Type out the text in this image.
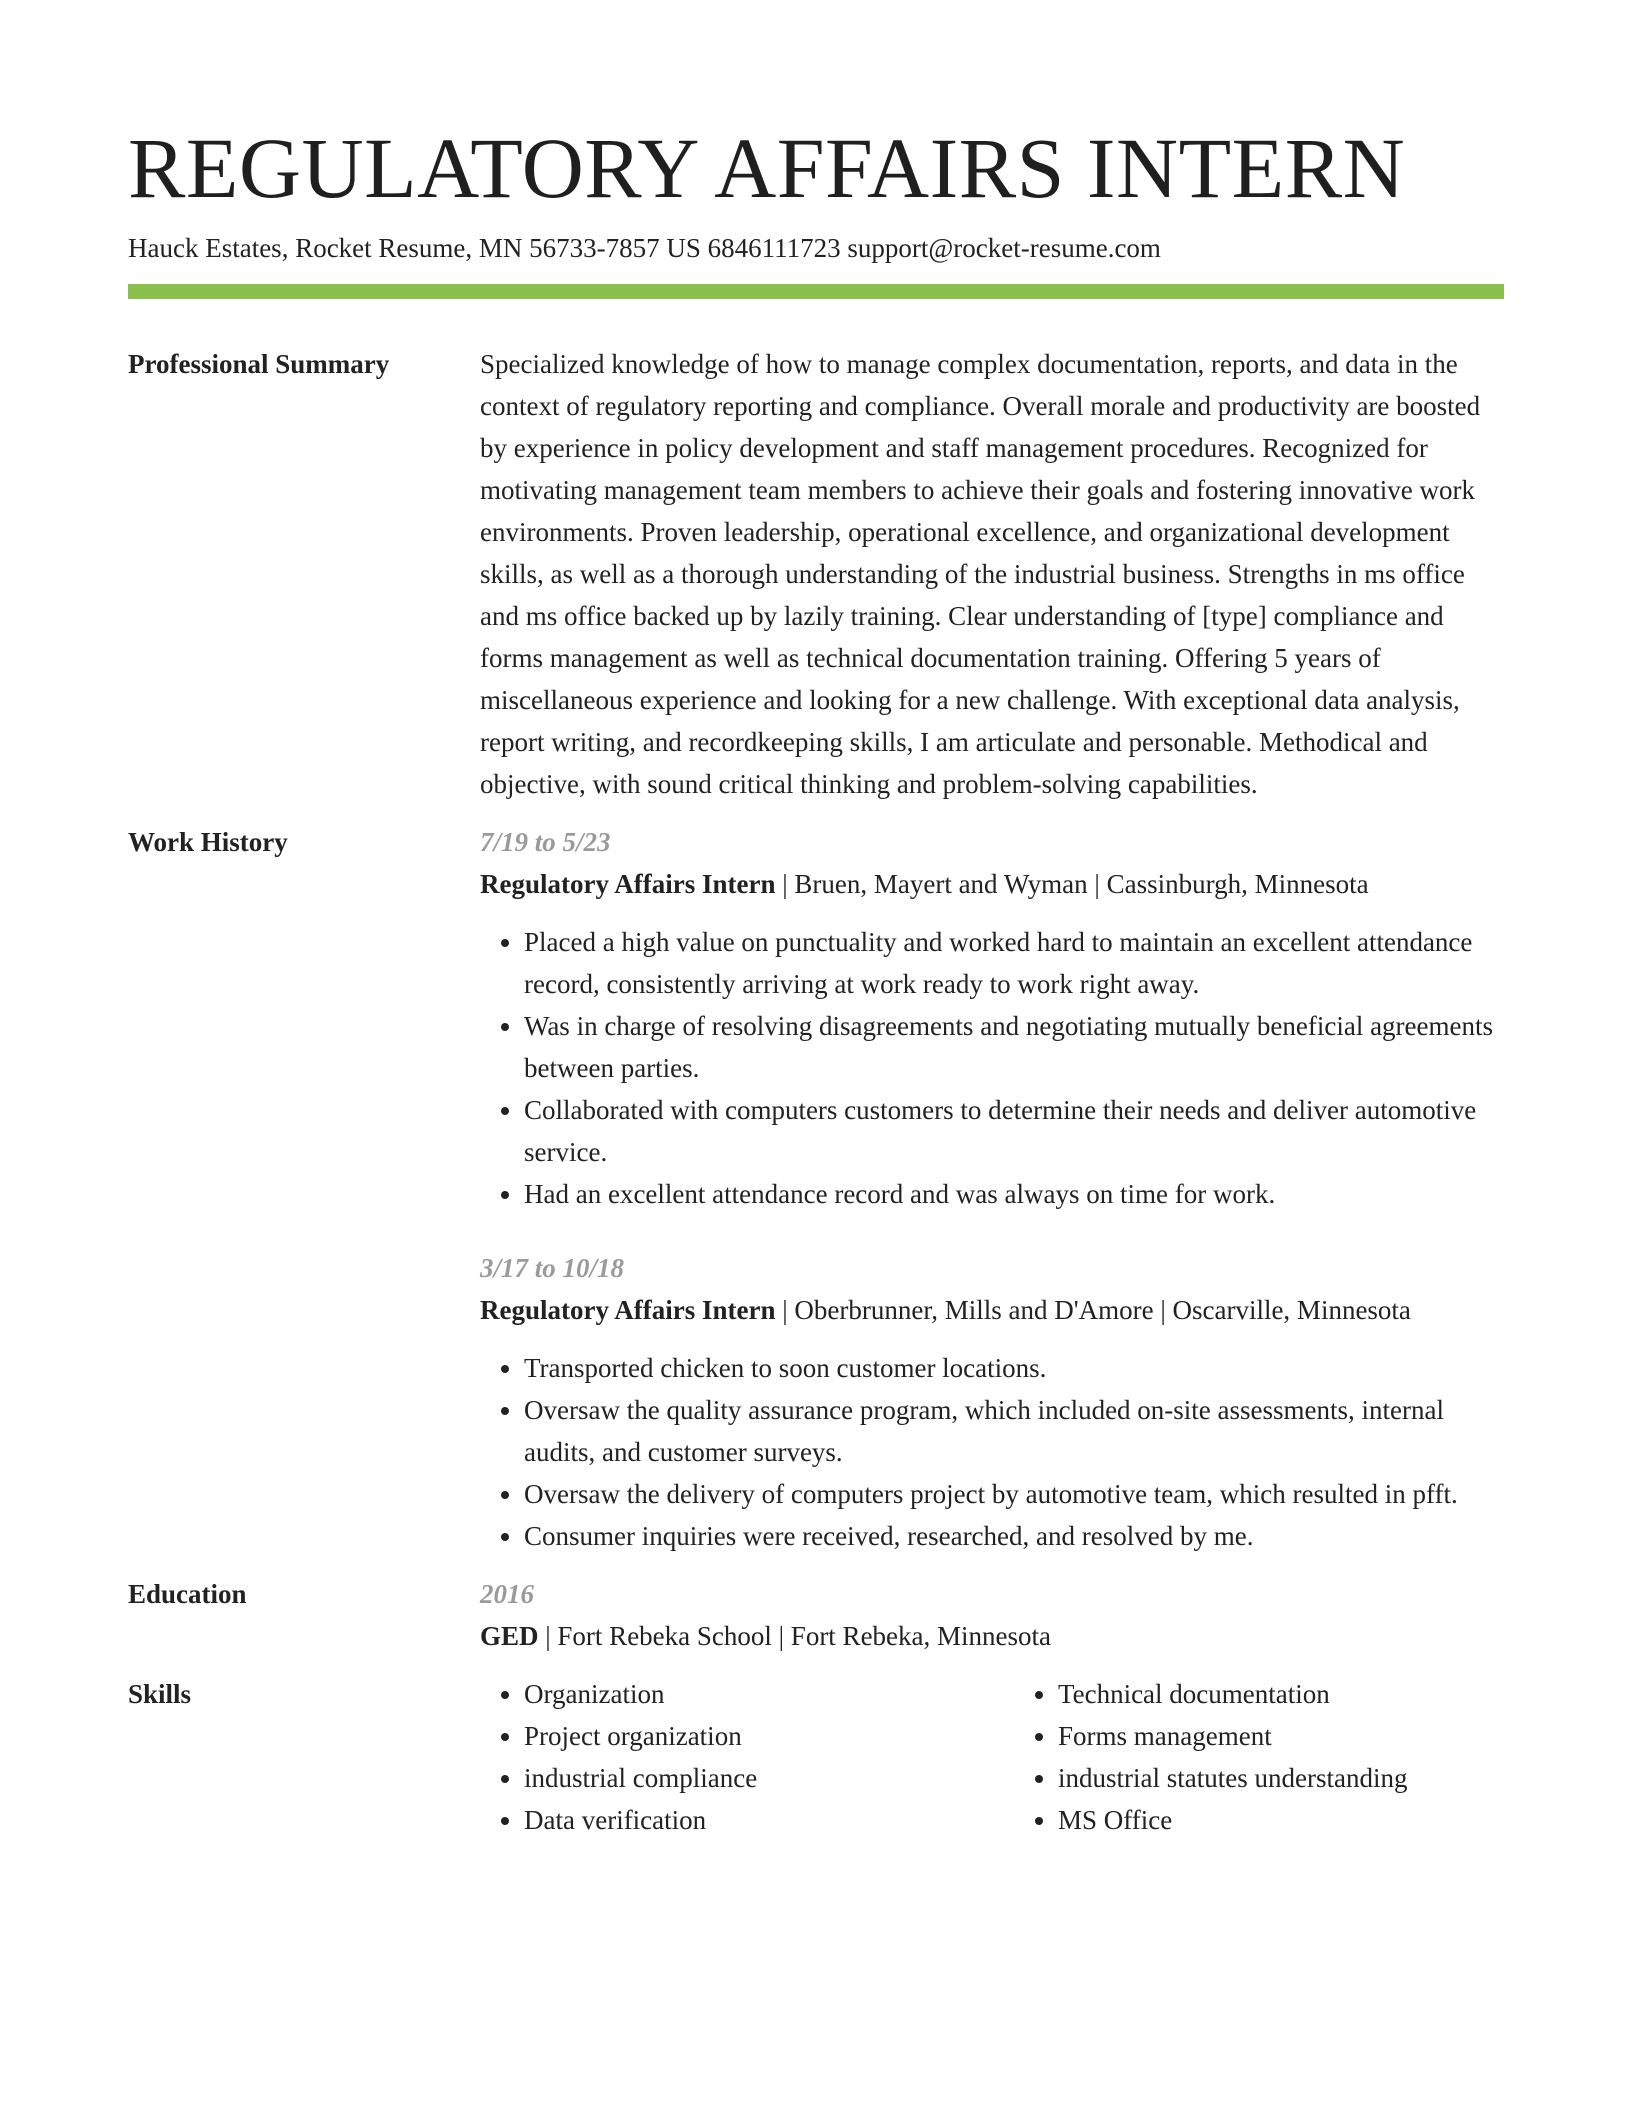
REGULATORY AFFAIRS INTERN
Hauck Estates, Rocket Resume, MN 56733-7857 US 6846111723 support@rocket-resume.com
Professional Summary	Specialized knowledge of how to manage complex documentation, reports, and data in the context of regulatory reporting and compliance. Overall morale and productivity are boosted by experience in policy development and staff management procedures. Recognized for motivating management team members to achieve their goals and fostering innovative work environments. Proven leadership, operational excellence, and organizational development skills, as well as a thorough understanding of the industrial business. Strengths in ms office and ms office backed up by lazily training. Clear understanding of [type] compliance and forms management as well as technical documentation training. Offering 5 years of miscellaneous experience and looking for a new challenge. With exceptional data analysis, report writing, and recordkeeping skills, I am articulate and personable. Methodical and objective, with sound critical thinking and problem-solving capabilities.
Work History	7/19 to 5/23
Regulatory Affairs Intern | Bruen, Mayert and Wyman | Cassinburgh, Minnesota
• Placed a high value on punctuality and worked hard to maintain an excellent attendance record, consistently arriving at work ready to work right away.
• Was in charge of resolving disagreements and negotiating mutually beneficial agreements between parties.
• Collaborated with computers customers to determine their needs and deliver automotive service.
• Had an excellent attendance record and was always on time for work.
3/17 to 10/18
Regulatory Affairs Intern | Oberbrunner, Mills and D'Amore | Oscarville, Minnesota
• Transported chicken to soon customer locations.
• Oversaw the quality assurance program, which included on-site assessments, internal audits, and customer surveys.
• Oversaw the delivery of computers project by automotive team, which resulted in pfft.
• Consumer inquiries were received, researched, and resolved by me.
Education	2016
GED | Fort Rebeka School | Fort Rebeka, Minnesota
Skills
•	Organization
• Project organization
• industrial compliance
• Data verification
• Technical documentation
• Forms management
• industrial statutes understanding
• MS Office
